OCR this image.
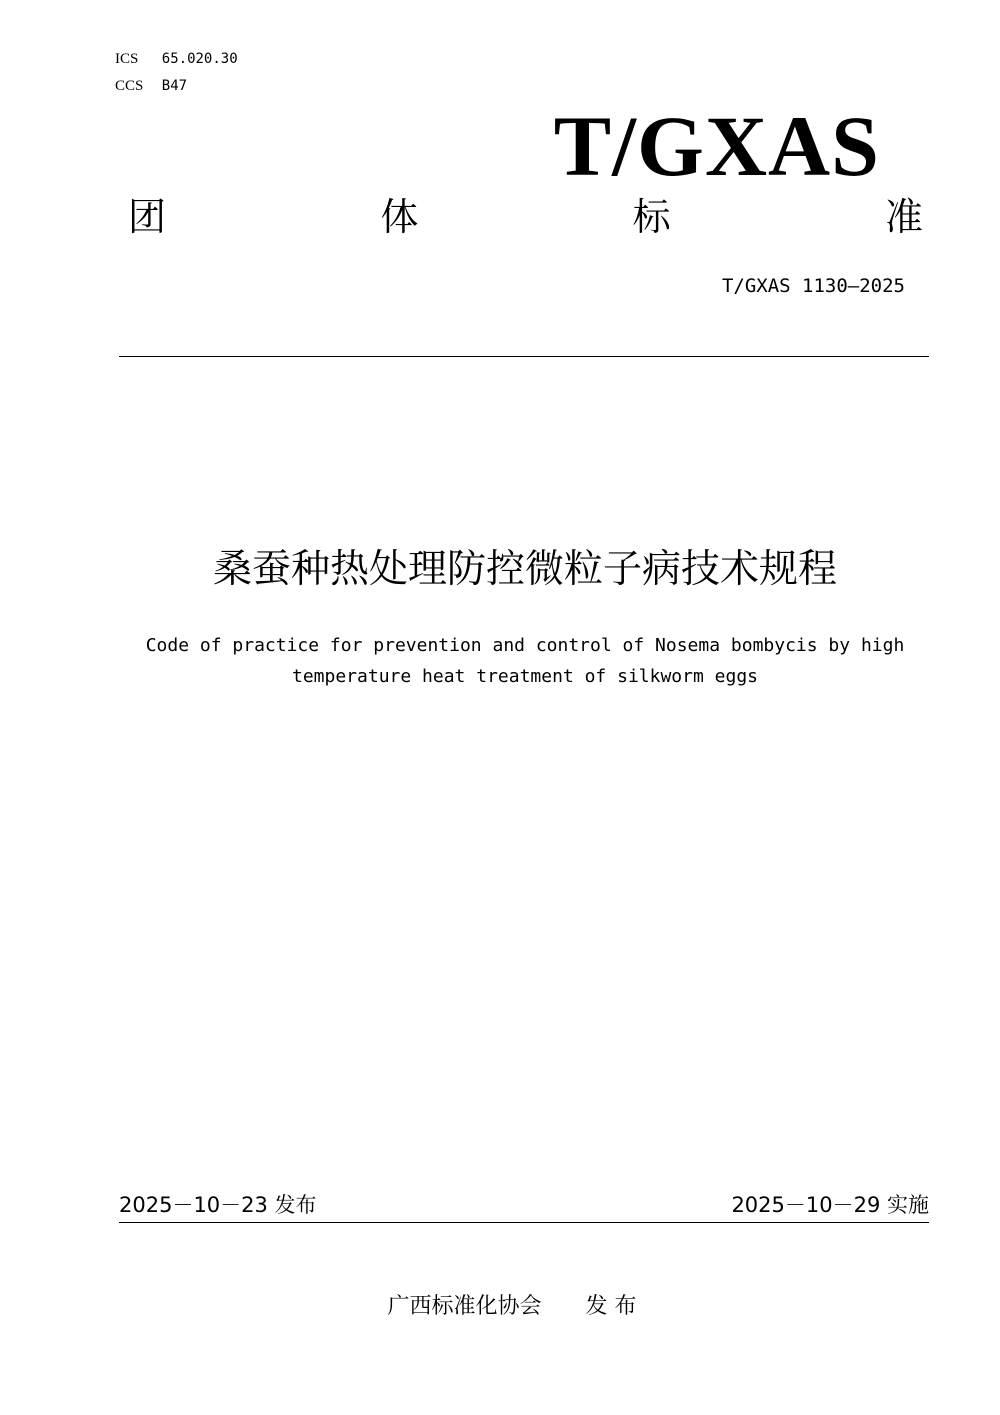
ICS 65.020.30
CCS B47
T/GXAS
团	体	标	准
T/GXAS 1130—2025
桑蚕种热处理防控微粒子病技术规程
Code of practice for prevention and control of Nosema bombycis by high
temperature heat treatment of silkworm eggs
2025－10－23 发布	2025－10－29 实施
广西标准化协会 发 布
